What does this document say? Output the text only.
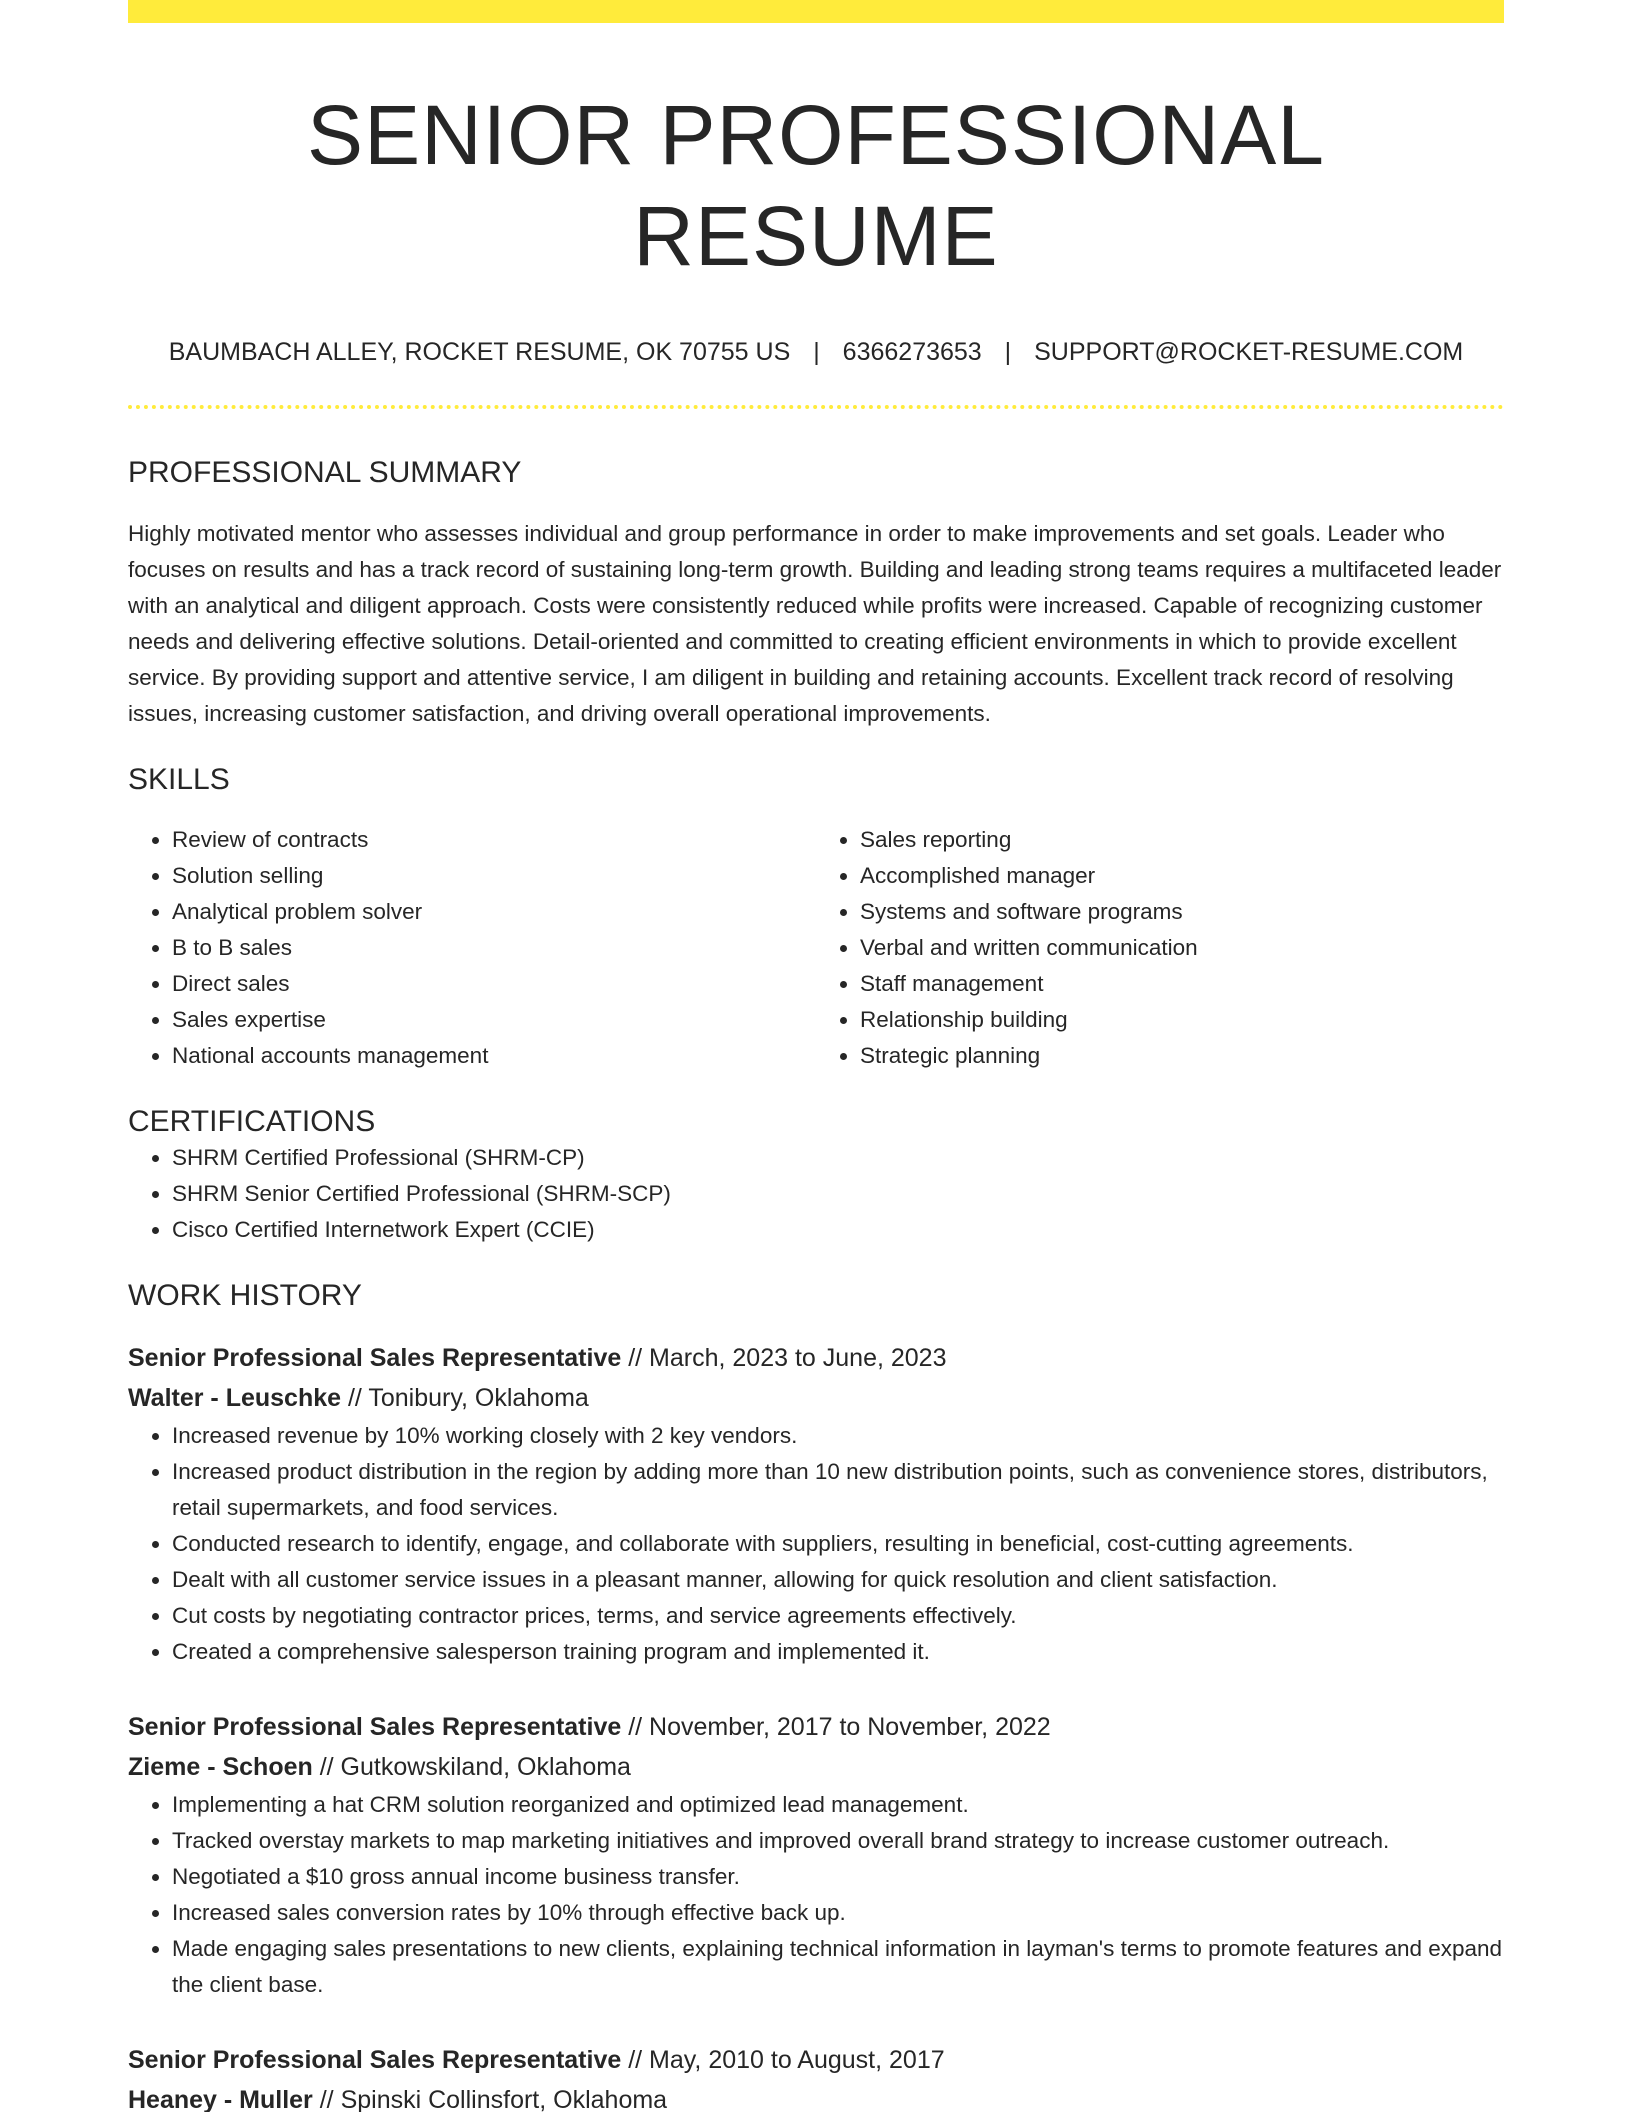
SENIOR PROFESSIONAL RESUME
BAUMBACH ALLEY, ROCKET RESUME, OK 70755 US | 6366273653 | SUPPORT@ROCKET-RESUME.COM
PROFESSIONAL SUMMARY

Highly motivated mentor who assesses individual and group performance in order to make improvements and set goals. Leader who focuses on results and has a track record of sustaining long-term growth. Building and leading strong teams requires a multifaceted leader with an analytical and diligent approach. Costs were consistently reduced while profits were increased. Capable of recognizing customer needs and delivering effective solutions. Detail-oriented and committed to creating efficient environments in which to provide excellent service. By providing support and attentive service, I am diligent in building and retaining accounts. Excellent track record of resolving issues, increasing customer satisfaction, and driving overall operational improvements.

SKILLS
• Review of contracts
• Solution selling
• Analytical problem solver
• B to B sales
• Direct sales
• Sales expertise
• National accounts management
• Sales reporting
• Accomplished manager
• Systems and software programs
• Verbal and written communication
• Staff management
• Relationship building
• Strategic planning
CERTIFICATIONS
• SHRM Certified Professional (SHRM-CP)
• SHRM Senior Certified Professional (SHRM-SCP)
• Cisco Certified Internetwork Expert (CCIE)
WORK HISTORY
Senior Professional Sales Representative // March, 2023 to June, 2023
Walter - Leuschke // Tonibury, Oklahoma
• Increased revenue by 10% working closely with 2 key vendors.
• Increased product distribution in the region by adding more than 10 new distribution points, such as convenience stores, distributors, retail supermarkets, and food services.
• Conducted research to identify, engage, and collaborate with suppliers, resulting in beneficial, cost-cutting agreements.
• Dealt with all customer service issues in a pleasant manner, allowing for quick resolution and client satisfaction.
• Cut costs by negotiating contractor prices, terms, and service agreements effectively.
• Created a comprehensive salesperson training program and implemented it.
Senior Professional Sales Representative // November, 2017 to November, 2022
Zieme - Schoen // Gutkowskiland, Oklahoma
• Implementing a hat CRM solution reorganized and optimized lead management.
• Tracked overstay markets to map marketing initiatives and improved overall brand strategy to increase customer outreach.
• Negotiated a $10 gross annual income business transfer.
• Increased sales conversion rates by 10% through effective back up.
• Made engaging sales presentations to new clients, explaining technical information in layman's terms to promote features and expand the client base.
Senior Professional Sales Representative // May, 2010 to August, 2017
Heaney - Muller // Spinski Collinsfort, Oklahoma
